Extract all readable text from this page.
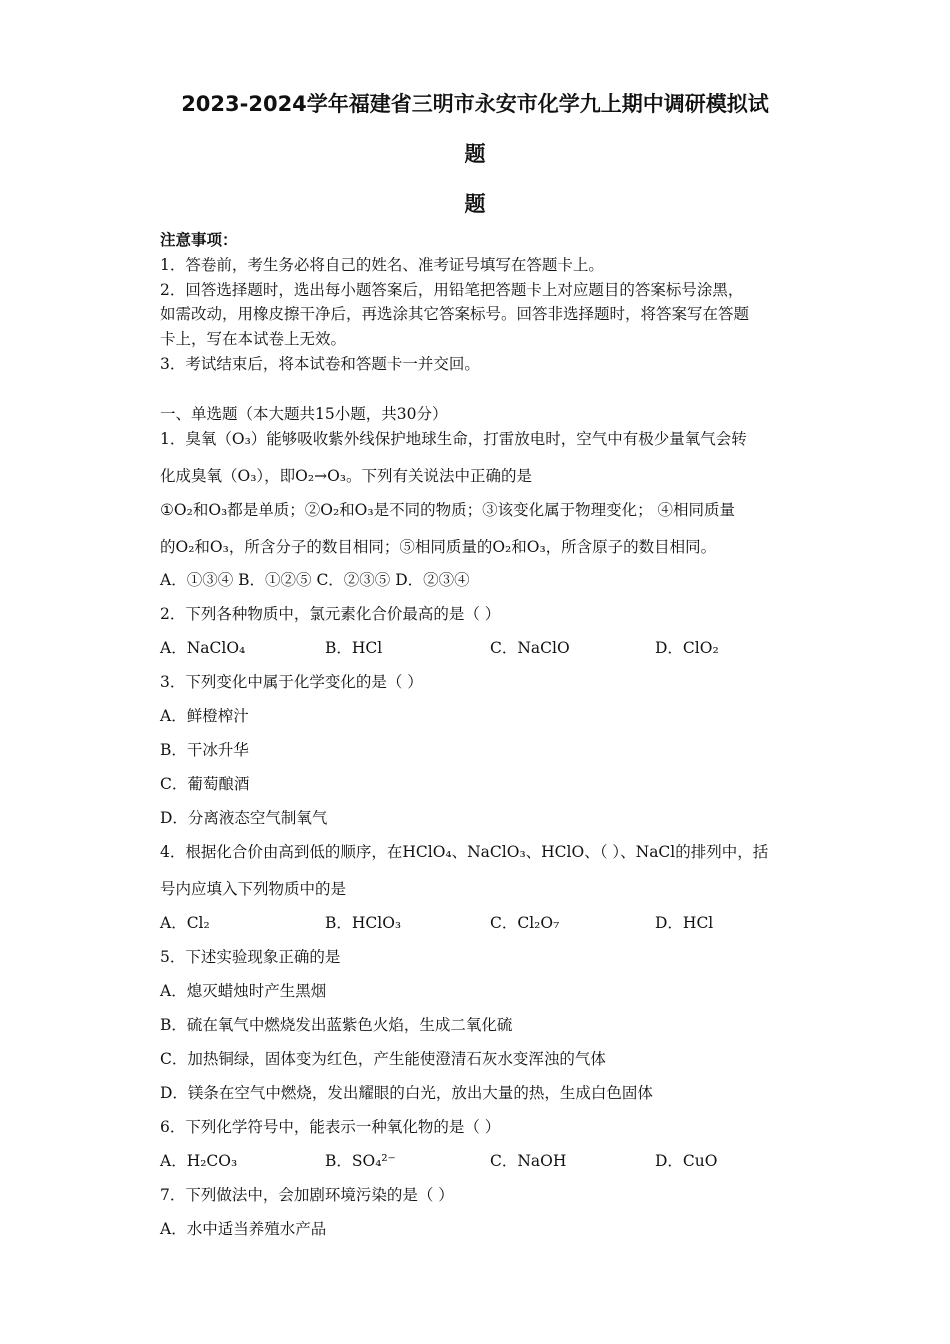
2023-2024学年福建省三明市永安市化学九上期中调研模拟试
题
题
注意事项：
1．答卷前，考生务必将自己的姓名、准考证号填写在答题卡上。
2．回答选择题时，选出每小题答案后，用铅笔把答题卡上对应题目的答案标号涂黑，
如需改动，用橡皮擦干净后，再选涂其它答案标号。回答非选择题时，将答案写在答题
卡上，写在本试卷上无效。
3．考试结束后，将本试卷和答题卡一并交回。
一、单选题（本大题共15小题，共30分）
1．臭氧（O₃）能够吸收紫外线保护地球生命，打雷放电时，空气中有极少量氧气会转
化成臭氧（O₃），即O₂→O₃。下列有关说法中正确的是
①O₂和O₃都是单质；②O₂和O₃是不同的物质；③该变化属于物理变化； ④相同质量
的O₂和O₃，所含分子的数目相同；⑤相同质量的O₂和O₃，所含原子的数目相同。
A．①③④ B．①②⑤ C．②③⑤ D．②③④
2．下列各种物质中，氯元素化合价最高的是（ ）
A．NaClO₄	B．HCl	C．NaClO	D．ClO₂
3．下列变化中属于化学变化的是（ ）
A．鲜橙榨汁
B．干冰升华
C．葡萄酿酒
D．分离液态空气制氧气
4．根据化合价由高到低的顺序，在HClO₄、NaClO₃、HClO、（ ）、NaCl的排列中，括
号内应填入下列物质中的是
A．Cl₂	B．HClO₃	C．Cl₂O₇	D．HCl
5．下述实验现象正确的是
A．熄灭蜡烛时产生黑烟
B．硫在氧气中燃烧发出蓝紫色火焰，生成二氧化硫
C．加热铜绿，固体变为红色，产生能使澄清石灰水变浑浊的气体
D．镁条在空气中燃烧，发出耀眼的白光，放出大量的热，生成白色固体
6．下列化学符号中，能表示一种氧化物的是（ ）
A．H₂CO₃	B．SO₄²⁻	C．NaOH	D．CuO
7．下列做法中，会加剧环境污染的是（ ）
A．水中适当养殖水产品
